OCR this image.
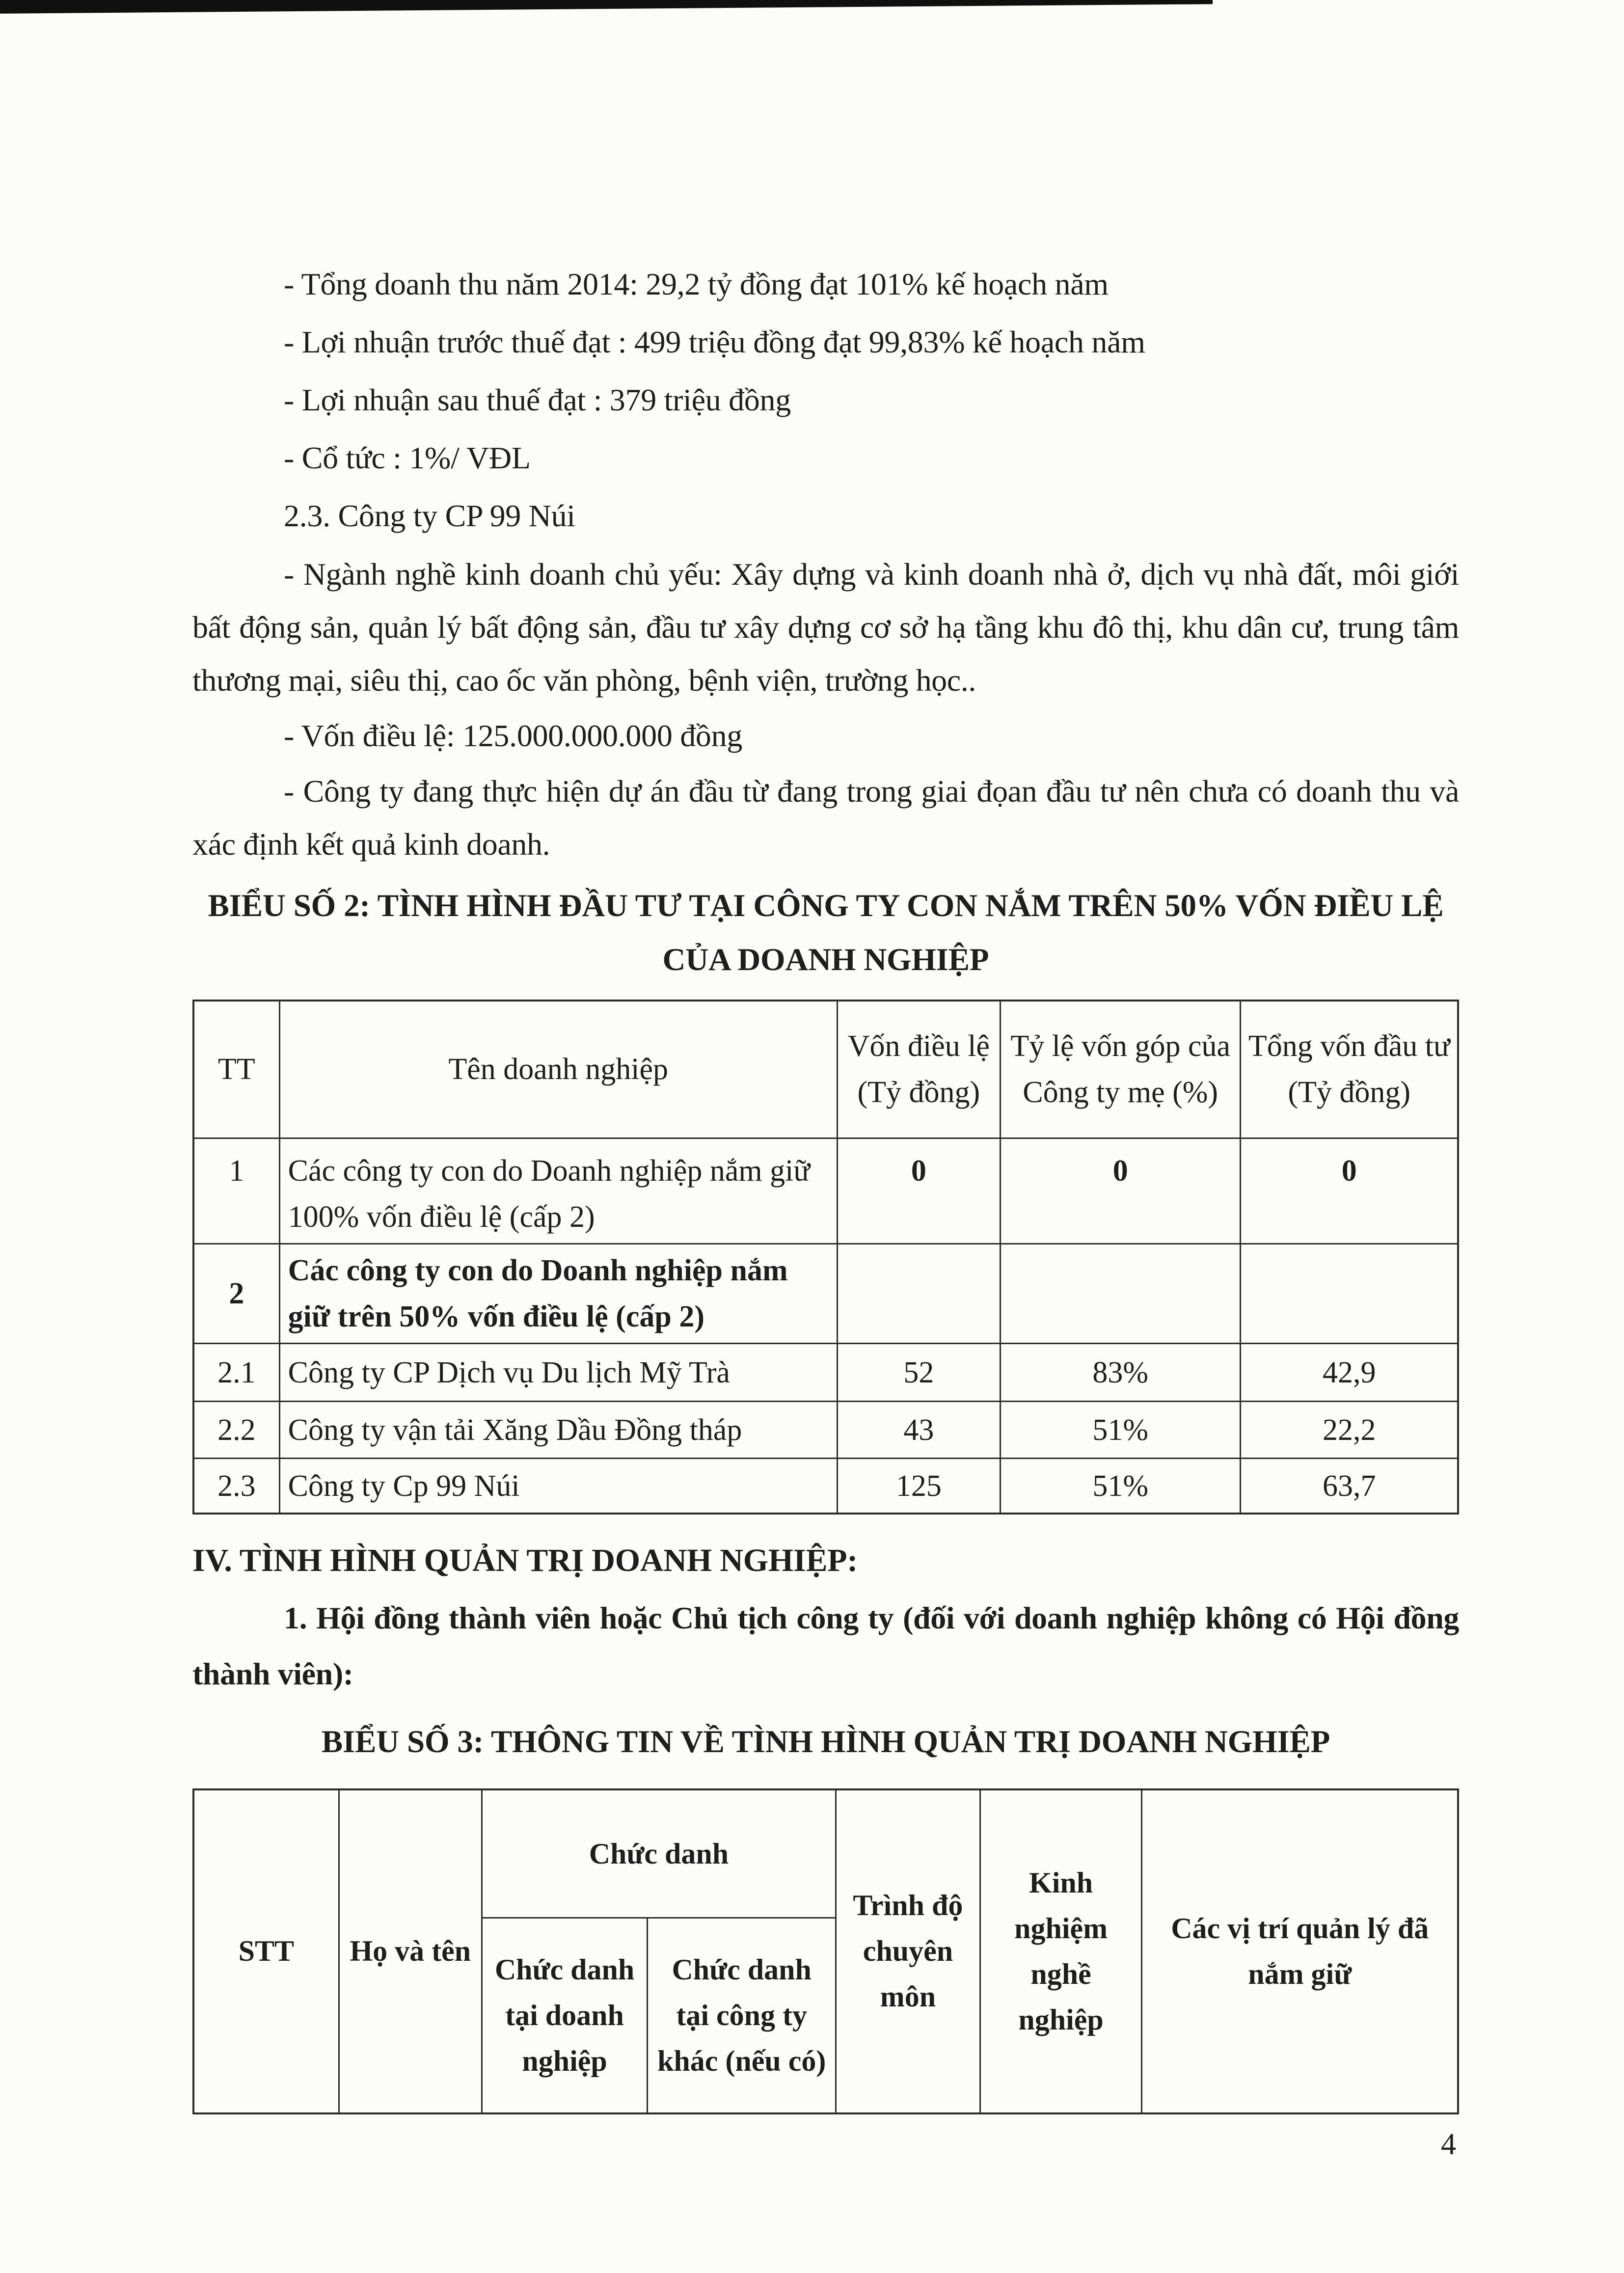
- Tổng doanh thu năm 2014: 29,2 tỷ đồng đạt 101% kế hoạch năm
- Lợi nhuận trước thuế đạt : 499 triệu đồng đạt 99,83% kế hoạch năm
- Lợi nhuận sau thuế đạt : 379 triệu đồng
- Cổ tức : 1%/ VĐL
2.3. Công ty CP 99 Núi

- Ngành nghề kinh doanh chủ yếu: Xây dựng và kinh doanh nhà ở, dịch vụ nhà đất, môi giới bất động sản, quản lý bất động sản, đầu tư xây dựng cơ sở hạ tầng khu đô thị, khu dân cư, trung tâm thương mại, siêu thị, cao ốc văn phòng, bệnh viện, trường học..

- Vốn điều lệ: 125.000.000.000 đồng

- Công ty đang thực hiện dự án đầu từ đang trong giai đọan đầu tư nên chưa có doanh thu và xác định kết quả kinh doanh.

BIỂU SỐ 2: TÌNH HÌNH ĐẦU TƯ TẠI CÔNG TY CON NẮM TRÊN 50% VỐN ĐIỀU LỆ CỦA DOANH NGHIỆP
TT	Tên doanh nghiệp	Vốn điều lệ (Tỷ đồng)	Tỷ lệ vốn góp của Công ty mẹ (%)	Tổng vốn đầu tư (Tỷ đồng)
1	Các công ty con do Doanh nghiệp nắm giữ 100% vốn điều lệ (cấp 2)	0	0	0
2	Các công ty con do Doanh nghiệp nắm giữ trên 50% vốn điều lệ (cấp 2)			
2.1	Công ty CP Dịch vụ Du lịch Mỹ Trà	52	83%	42,9
2.2	Công ty vận tải Xăng Dầu Đồng tháp	43	51%	22,2
2.3	Công ty Cp 99 Núi	125	51%	63,7
IV. TÌNH HÌNH QUẢN TRỊ DOANH NGHIỆP:

1. Hội đồng thành viên hoặc Chủ tịch công ty (đối với doanh nghiệp không có Hội đồng thành viên):

BIỂU SỐ 3: THÔNG TIN VỀ TÌNH HÌNH QUẢN TRỊ DOANH NGHIỆP
STT	Họ và tên	Chức danh		Trình độ chuyên môn	Kinh nghiệm nghề nghiệp	Các vị trí quản lý đã nắm giữ
		Chức danh tại doanh nghiệp	Chức danh tại công ty khác (nếu có)			
4
